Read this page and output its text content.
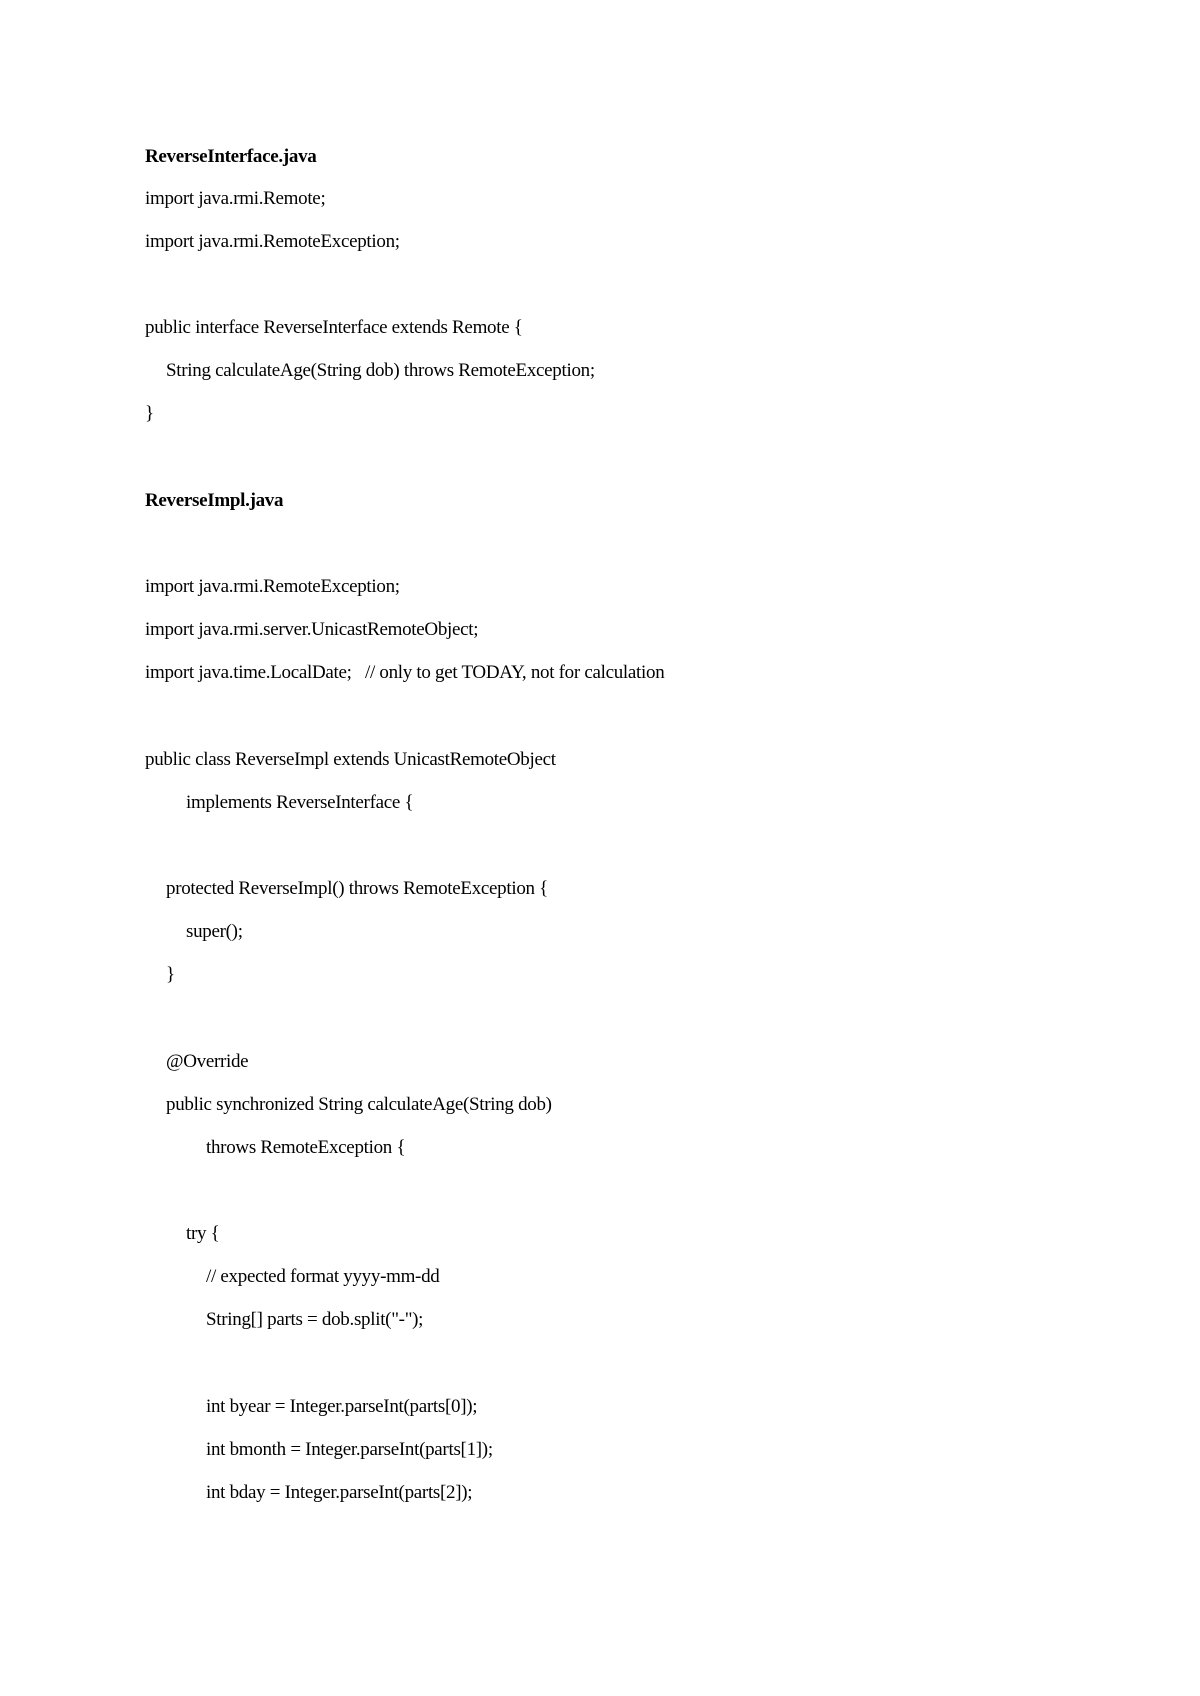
ReverseInterface.java
import java.rmi.Remote;
import java.rmi.RemoteException;
public interface ReverseInterface extends Remote {
String calculateAge(String dob) throws RemoteException;
}
ReverseImpl.java
import java.rmi.RemoteException;
import java.rmi.server.UnicastRemoteObject;
import java.time.LocalDate;   // only to get TODAY, not for calculation
public class ReverseImpl extends UnicastRemoteObject
implements ReverseInterface {
protected ReverseImpl() throws RemoteException {
super();
}
@Override
public synchronized String calculateAge(String dob)
throws RemoteException {
try {
// expected format yyyy-mm-dd
String[] parts = dob.split("-");
int byear = Integer.parseInt(parts[0]);
int bmonth = Integer.parseInt(parts[1]);
int bday = Integer.parseInt(parts[2]);
